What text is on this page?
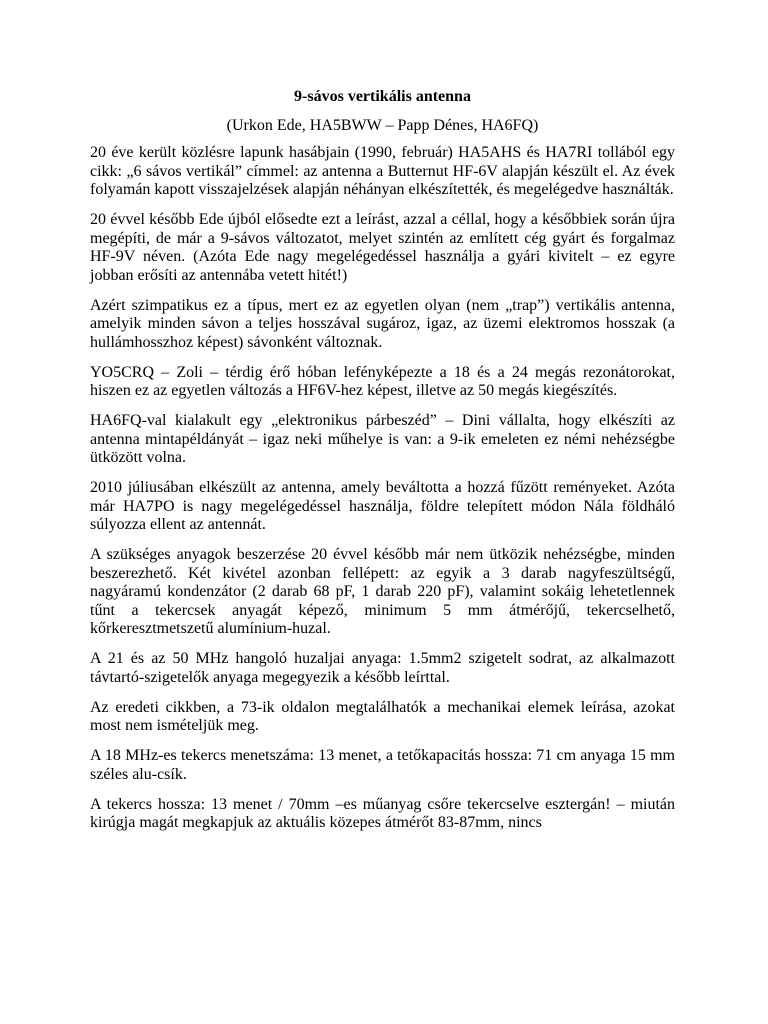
9-sávos vertikális antenna

(Urkon Ede, HA5BWW – Papp Dénes, HA6FQ)

20 éve került közlésre lapunk hasábjain (1990, február) HA5AHS és HA7RI tollából egy cikk: „6 sávos vertikál” címmel: az antenna a Butternut HF-6V alapján készült el. Az évek folyamán kapott visszajelzések alapján néhányan elkészítették, és megelégedve használták.

20 évvel később Ede újból elősedte ezt a leírást, azzal a céllal, hogy a későbbiek során újra megépíti, de már a 9-sávos változatot, melyet szintén az említett cég gyárt és forgalmaz HF-9V néven. (Azóta Ede nagy megelégedéssel használja a gyári kivitelt – ez egyre jobban erősíti az antennába vetett hitét!)

Azért szimpatikus ez a típus, mert ez az egyetlen olyan (nem „trap”) vertikális antenna, amelyik minden sávon a teljes hosszával sugároz, igaz, az üzemi elektromos hosszak (a hullámhosszhoz képest) sávonként változnak.

YO5CRQ – Zoli – térdig érő hóban lefényképezte a 18 és a 24 megás rezonátorokat, hiszen ez az egyetlen változás a HF6V-hez képest, illetve az 50 megás kiegészítés.

HA6FQ-val kialakult egy „elektronikus párbeszéd” – Dini vállalta, hogy elkészíti az antenna mintapéldányát – igaz neki műhelye is van: a 9-ik emeleten ez némi nehézségbe ütközött volna.

2010 júliusában elkészült az antenna, amely beváltotta a hozzá fűzött reményeket. Azóta már HA7PO is nagy megelégedéssel használja, földre telepített módon Nála földháló súlyozza ellent az antennát.

A szükséges anyagok beszerzése 20 évvel később már nem ütközik nehézségbe, minden beszerezhető. Két kivétel azonban fellépett: az egyik a 3 darab nagyfeszültségű, nagyáramú kondenzátor (2 darab 68 pF, 1 darab 220 pF), valamint sokáig lehetetlennek tűnt a tekercsek anyagát képező, minimum 5 mm átmérőjű, tekercselhető, kőrkeresztmetszetű alumínium-huzal.

A 21 és az 50 MHz hangoló huzaljai anyaga: 1.5mm2 szigetelt sodrat, az alkalmazott távtartó-szigetelők anyaga megegyezik a később leírttal.

Az eredeti cikkben, a 73-ik oldalon megtalálhatók a mechanikai elemek leírása, azokat most nem ismételjük meg.

A 18 MHz-es tekercs menetszáma: 13 menet, a tetőkapacitás hossza: 71 cm anyaga 15 mm széles alu-csík.

A tekercs hossza: 13 menet / 70mm –es műanyag csőre tekercselve esztergán! – miután kirúgja magát megkapjuk az aktuális közepes átmérőt 83-87mm, nincs
